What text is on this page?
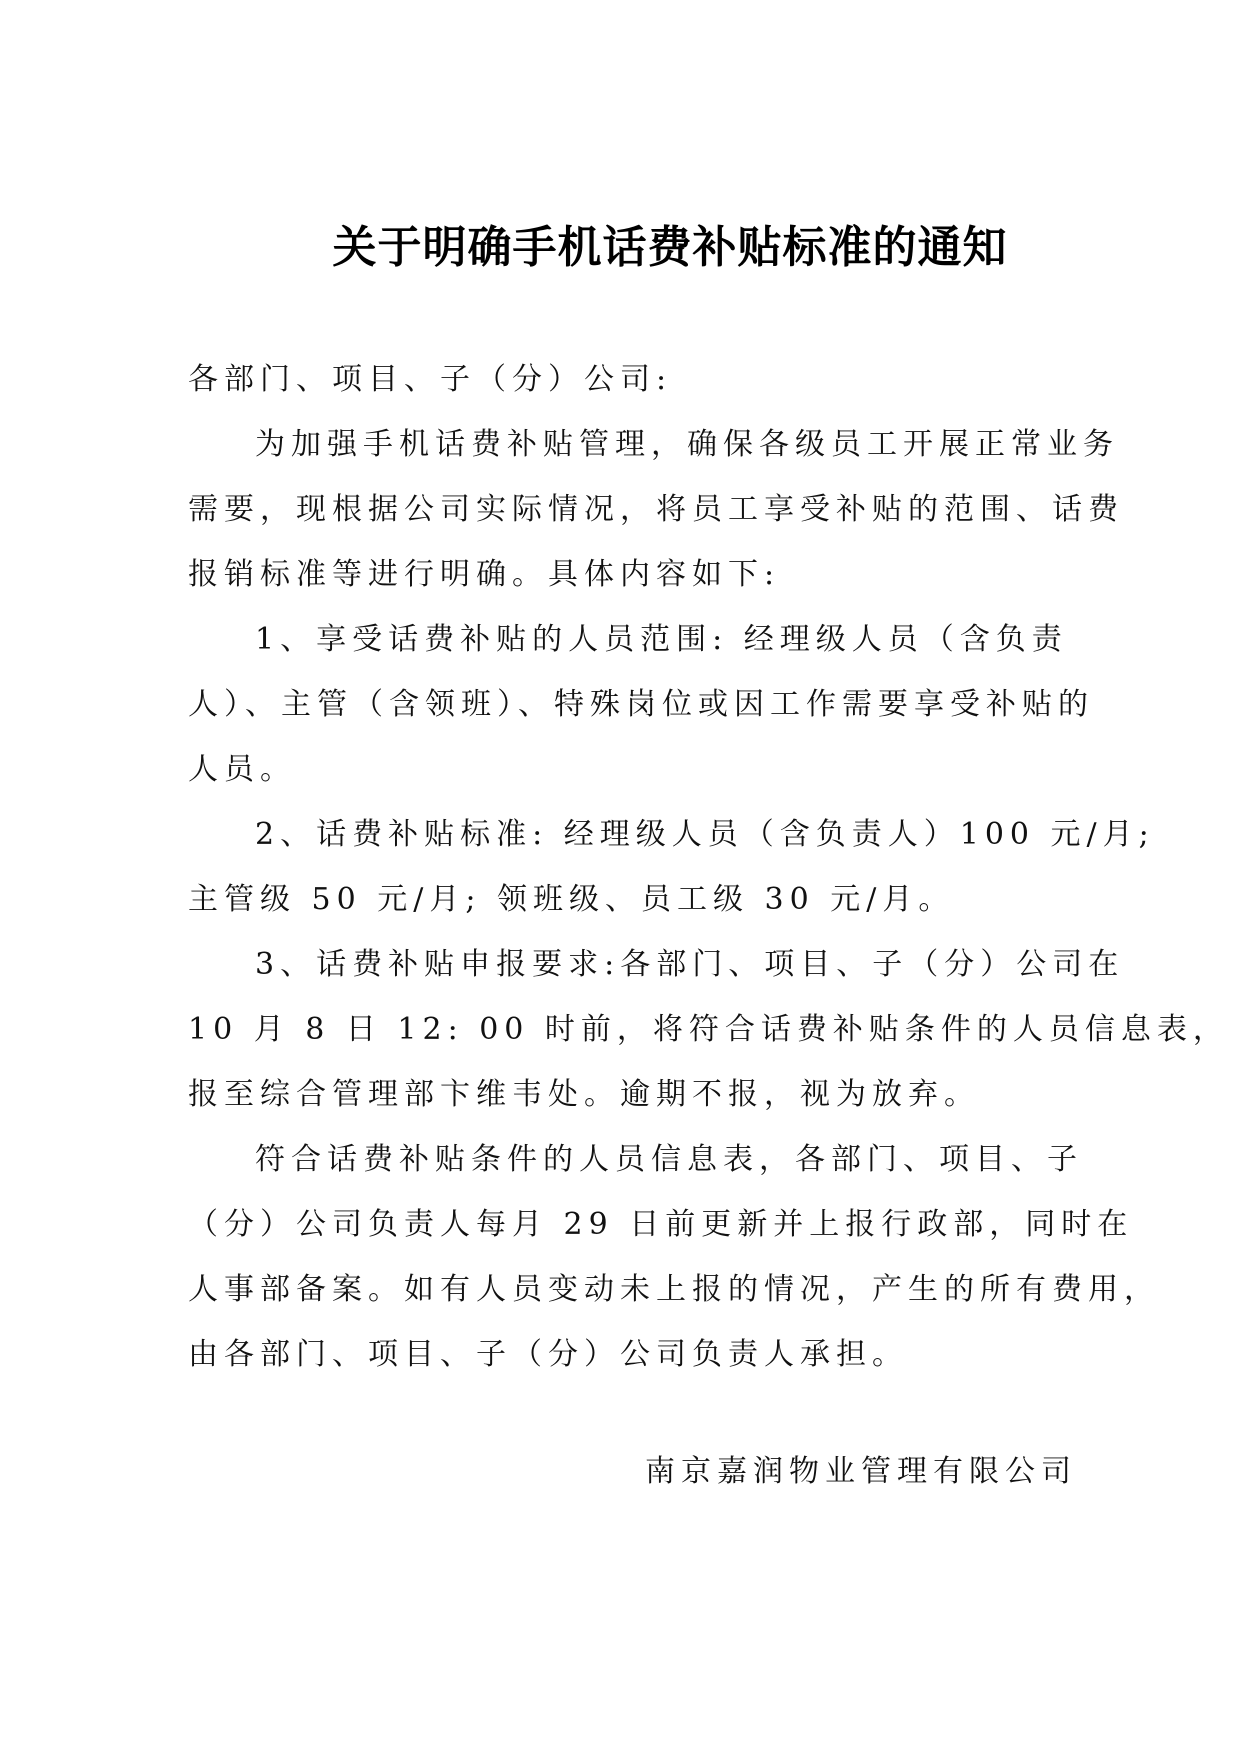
关于明确手机话费补贴标准的通知
各部门、项目、子（分）公司:
为加强手机话费补贴管理，确保各级员工开展正常业务
需要，现根据公司实际情况，将员工享受补贴的范围、话费
报销标准等进行明确。具体内容如下:
1、享受话费补贴的人员范围: 经理级人员（含负责
人）、主管（含领班）、特殊岗位或因工作需要享受补贴的
人员。
2、话费补贴标准: 经理级人员（含负责人）100 元/月;
主管级 50 元/月; 领班级、员工级 30 元/月。
3、话费补贴申报要求:各部门、项目、子（分）公司在
10 月 8 日 12: 00 时前，将符合话费补贴条件的人员信息表，
报至综合管理部卞维韦处。逾期不报，视为放弃。
符合话费补贴条件的人员信息表，各部门、项目、子
（分）公司负责人每月 29 日前更新并上报行政部，同时在
人事部备案。如有人员变动未上报的情况，产生的所有费用，
由各部门、项目、子（分）公司负责人承担。
南京嘉润物业管理有限公司
